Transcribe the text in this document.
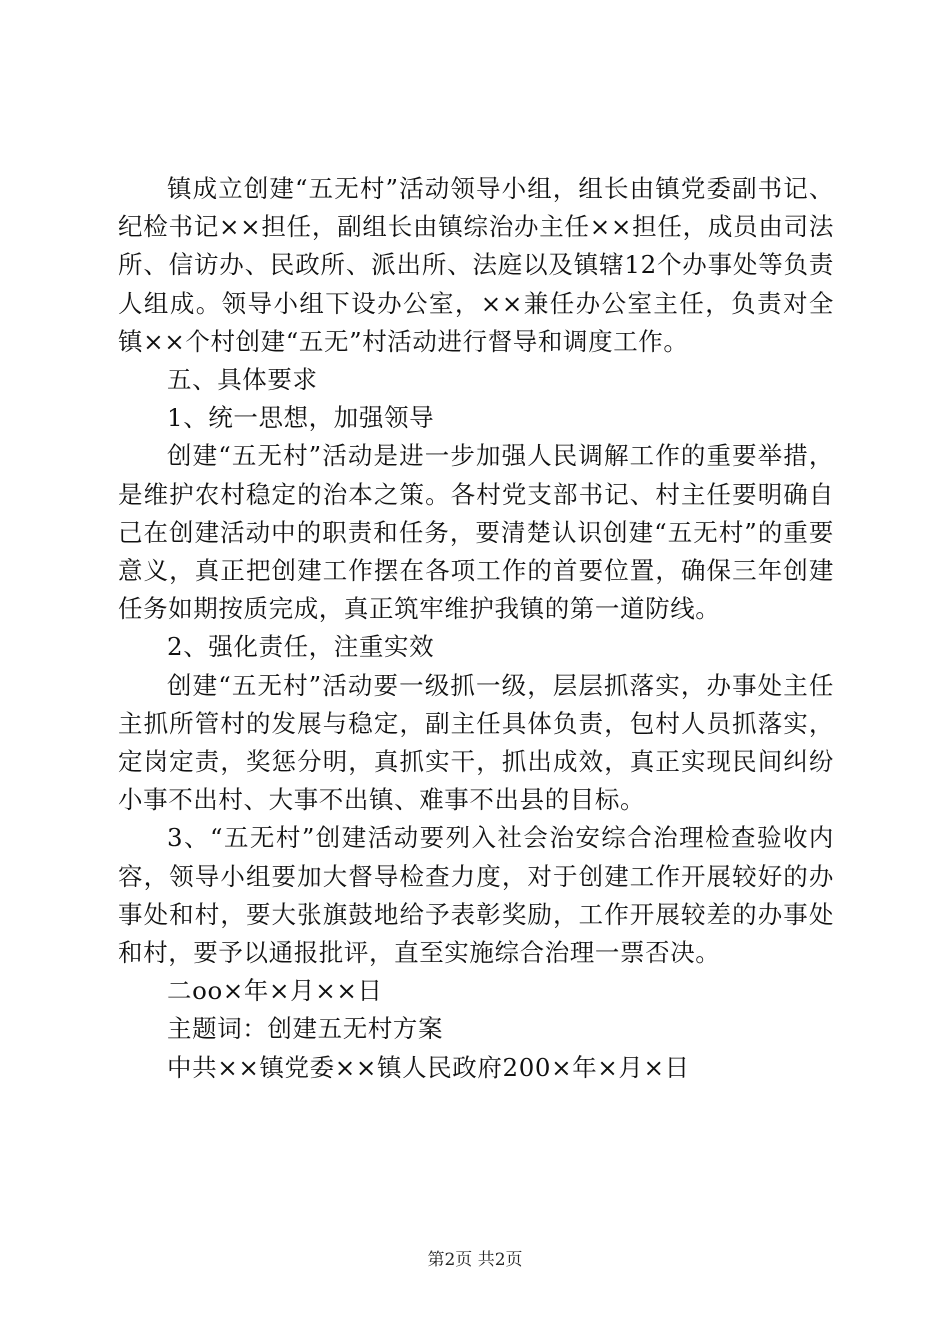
镇成立创建“五无村”活动领导小组，组长由镇党委副书记、纪检书记××担任，副组长由镇综治办主任××担任，成员由司法所、信访办、民政所、派出所、法庭以及镇辖12个办事处等负责人组成。领导小组下设办公室，××兼任办公室主任，负责对全镇××个村创建“五无”村活动进行督导和调度工作。

五、具体要求

1、统一思想，加强领导

创建“五无村”活动是进一步加强人民调解工作的重要举措，是维护农村稳定的治本之策。各村党支部书记、村主任要明确自己在创建活动中的职责和任务，要清楚认识创建“五无村”的重要意义，真正把创建工作摆在各项工作的首要位置，确保三年创建任务如期按质完成，真正筑牢维护我镇的第一道防线。

2、强化责任，注重实效

创建“五无村”活动要一级抓一级，层层抓落实，办事处主任主抓所管村的发展与稳定，副主任具体负责，包村人员抓落实，定岗定责，奖惩分明，真抓实干，抓出成效，真正实现民间纠纷小事不出村、大事不出镇、难事不出县的目标。

3、“五无村”创建活动要列入社会治安综合治理检查验收内容，领导小组要加大督导检查力度，对于创建工作开展较好的办事处和村，要大张旗鼓地给予表彰奖励，工作开展较差的办事处和村，要予以通报批评，直至实施综合治理一票否决。

二oo×年×月××日

主题词：创建五无村方案

中共××镇党委××镇人民政府200×年×月×日

第2页 共2页
